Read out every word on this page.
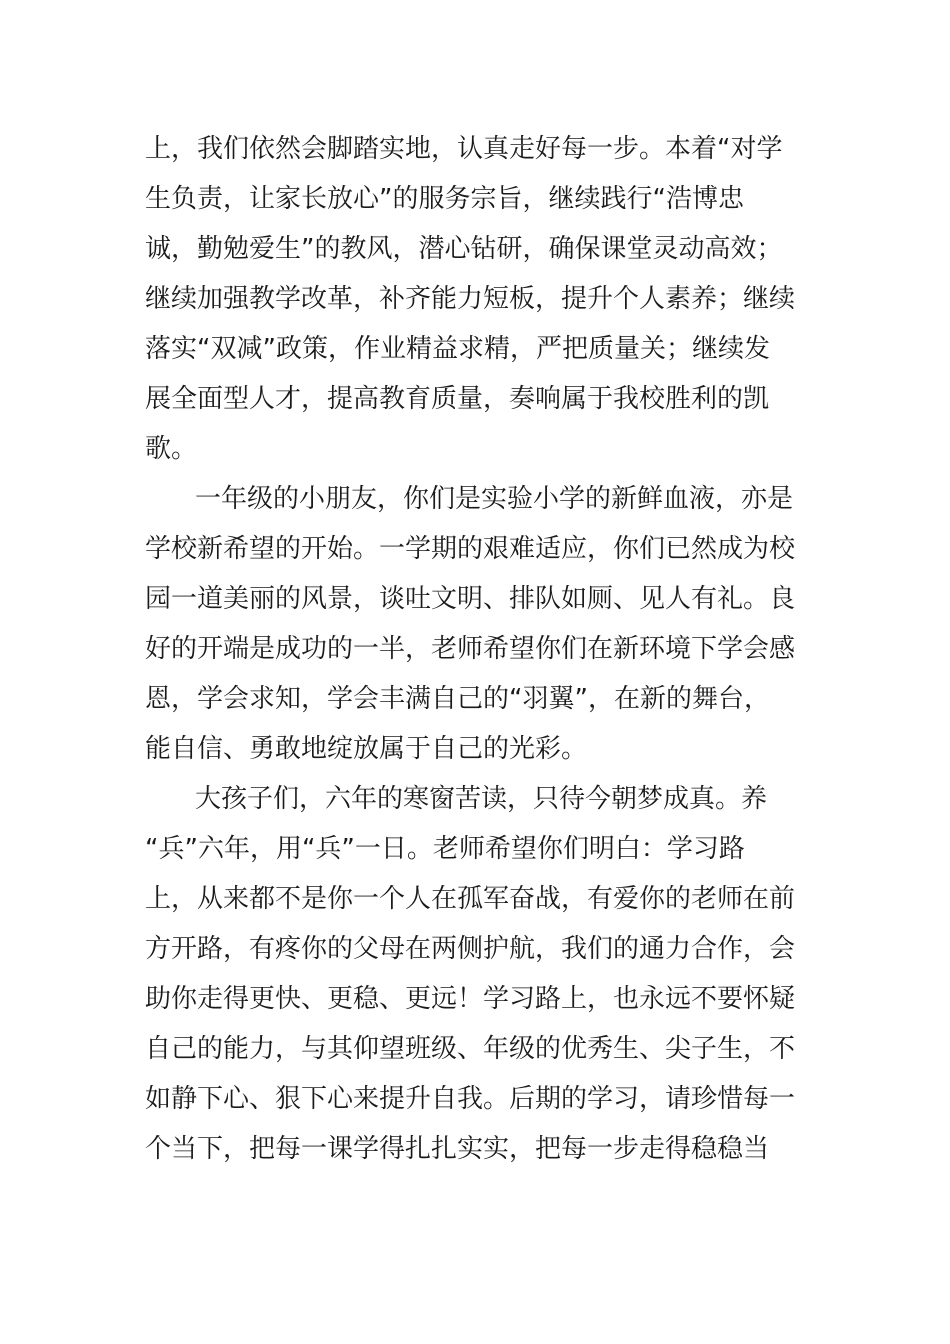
上，我们依然会脚踏实地，认真走好每一步。本着“对学
生负责，让家长放心”的服务宗旨，继续践行“浩博忠
诚，勤勉爱生”的教风，潜心钻研，确保课堂灵动高效；
继续加强教学改革，补齐能力短板，提升个人素养；继续
落实“双减”政策，作业精益求精，严把质量关；继续发
展全面型人才，提高教育质量，奏响属于我校胜利的凯
歌。
一年级的小朋友，你们是实验小学的新鲜血液，亦是
学校新希望的开始。一学期的艰难适应，你们已然成为校
园一道美丽的风景，谈吐文明、排队如厕、见人有礼。良
好的开端是成功的一半，老师希望你们在新环境下学会感
恩，学会求知，学会丰满自己的“羽翼”，在新的舞台，
能自信、勇敢地绽放属于自己的光彩。
大孩子们，六年的寒窗苦读，只待今朝梦成真。养
“兵”六年，用“兵”一日。老师希望你们明白：学习路
上，从来都不是你一个人在孤军奋战，有爱你的老师在前
方开路，有疼你的父母在两侧护航，我们的通力合作，会
助你走得更快、更稳、更远！学习路上，也永远不要怀疑
自己的能力，与其仰望班级、年级的优秀生、尖子生，不
如静下心、狠下心来提升自我。后期的学习，请珍惜每一
个当下，把每一课学得扎扎实实，把每一步走得稳稳当
